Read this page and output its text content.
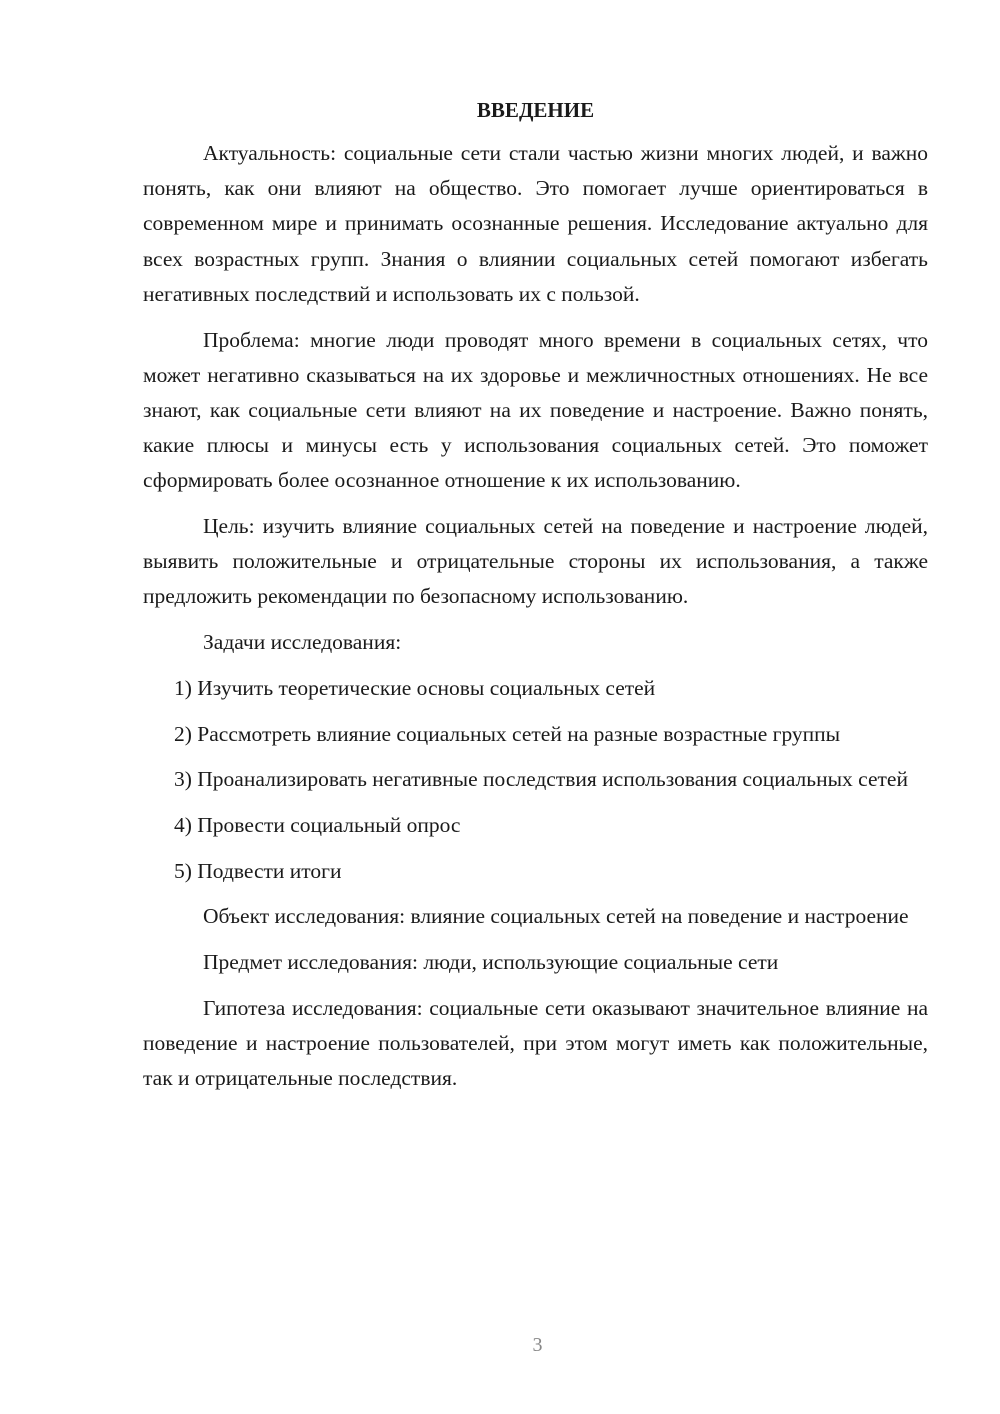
ВВЕДЕНИЕ

Актуальность: социальные сети стали частью жизни многих людей, и важно понять, как они влияют на общество. Это помогает лучше ориентироваться в современном мире и принимать осознанные решения. Исследование актуально для всех возрастных групп. Знания о влиянии социальных сетей помогают избегать негативных последствий и использовать их с пользой.

Проблема: многие люди проводят много времени в социальных сетях, что может негативно сказываться на их здоровье и межличностных отношениях. Не все знают, как социальные сети влияют на их поведение и настроение. Важно понять, какие плюсы и минусы есть у использования социальных сетей. Это поможет сформировать более осознанное отношение к их использованию.

Цель: изучить влияние социальных сетей на поведение и настроение людей, выявить положительные и отрицательные стороны их использования, а также предложить рекомендации по безопасному использованию.

Задачи исследования:

1) Изучить теоретические основы социальных сетей

2) Рассмотреть влияние социальных сетей на разные возрастные группы

3) Проанализировать негативные последствия использования социальных сетей

4) Провести социальный опрос

5) Подвести итоги

Объект исследования: влияние социальных сетей на поведение и настроение

Предмет исследования: люди, использующие социальные сети

Гипотеза исследования: социальные сети оказывают значительное влияние на поведение и настроение пользователей, при этом могут иметь как положительные, так и отрицательные последствия.

3
